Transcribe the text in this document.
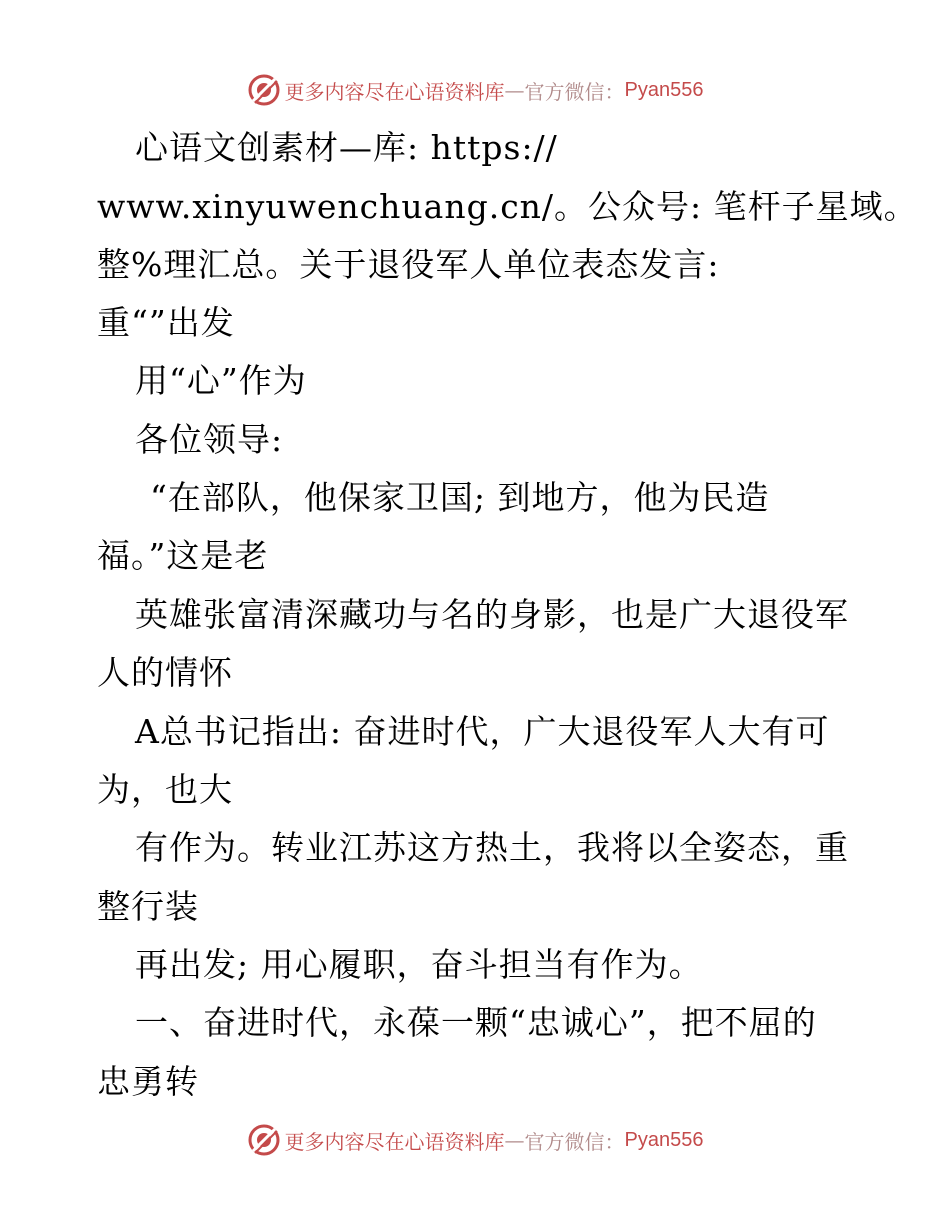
更多内容尽在心语资料库 — 官方微信： Pyan556
心语文创素材—库: https://
www.xinyuwenchuang.cn/。公众号: 笔杆子星域。
整%理汇总。关于退役军人单位表态发言:
重“”出发
用“心”作为
各位领导:
“在部队，他保家卫国; 到地方，他为民造
福。”这是老
英雄张富清深藏功与名的身影，也是广大退役军
人的情怀
A总书记指出: 奋进时代，广大退役军人大有可
为，也大
有作为。转业江苏这方热土，我将以全姿态，重
整行装
再出发; 用心履职，奋斗担当有作为。
一、奋进时代，永葆一颗“忠诚心”，把不屈的
忠勇转
更多内容尽在心语资料库 — 官方微信： Pyan556
